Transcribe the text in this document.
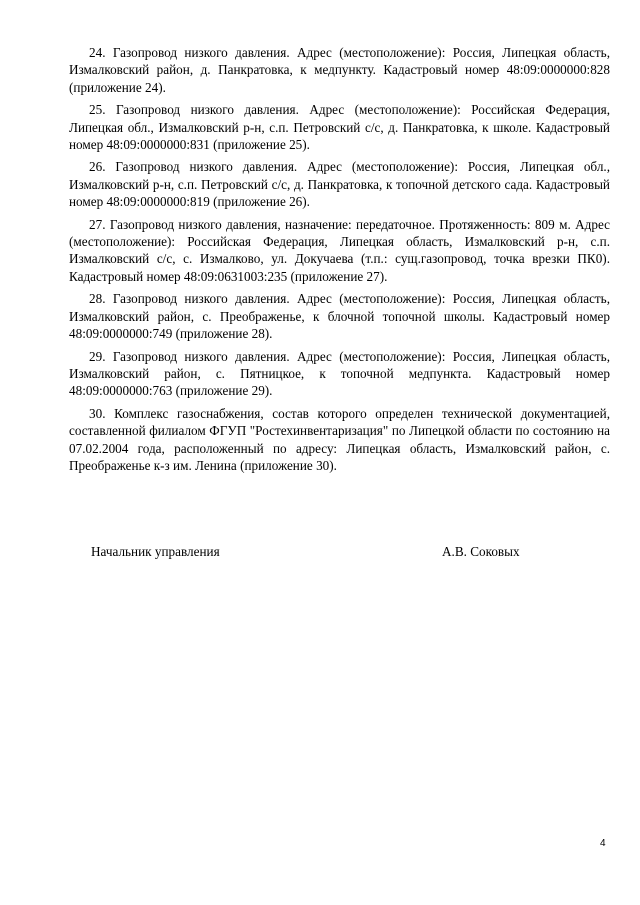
24. Газопровод низкого давления. Адрес (местоположение): Россия, Липецкая область, Измалковский район, д. Панкратовка, к медпункту. Кадастровый номер 48:09:0000000:828 (приложение 24).

25. Газопровод низкого давления. Адрес (местоположение): Российская Федерация, Липецкая обл., Измалковский р-н, с.п. Петровский с/с, д. Панкратовка, к школе. Кадастровый номер 48:09:0000000:831 (приложение 25).

26. Газопровод низкого давления. Адрес (местоположение): Россия, Липецкая обл., Измалковский р-н, с.п. Петровский с/с, д. Панкратовка, к топочной детского сада. Кадастровый номер 48:09:0000000:819 (приложение 26).

27. Газопровод низкого давления, назначение: передаточное. Протяженность: 809 м. Адрес (местоположение): Российская Федерация, Липецкая область, Измалковский р-н, с.п. Измалковский с/с, с. Измалково, ул. Докучаева (т.п.: сущ.газопровод, точка врезки ПК0). Кадастровый номер 48:09:0631003:235 (приложение 27).

28. Газопровод низкого давления. Адрес (местоположение): Россия, Липецкая область, Измалковский район, с. Преображенье, к блочной топочной школы. Кадастровый номер 48:09:0000000:749 (приложение 28).

29. Газопровод низкого давления. Адрес (местоположение): Россия, Липецкая область, Измалковский район, с. Пятницкое, к топочной медпункта. Кадастровый номер 48:09:0000000:763 (приложение 29).

30. Комплекс газоснабжения, состав которого определен технической документацией, составленной филиалом ФГУП "Ростехинвентаризация" по Липецкой области по состоянию на 07.02.2004 года, расположенный по адресу: Липецкая область, Измалковский район, с. Преображенье к-з им. Ленина (приложение 30).

Начальник управления	А.В. Соковых
4
